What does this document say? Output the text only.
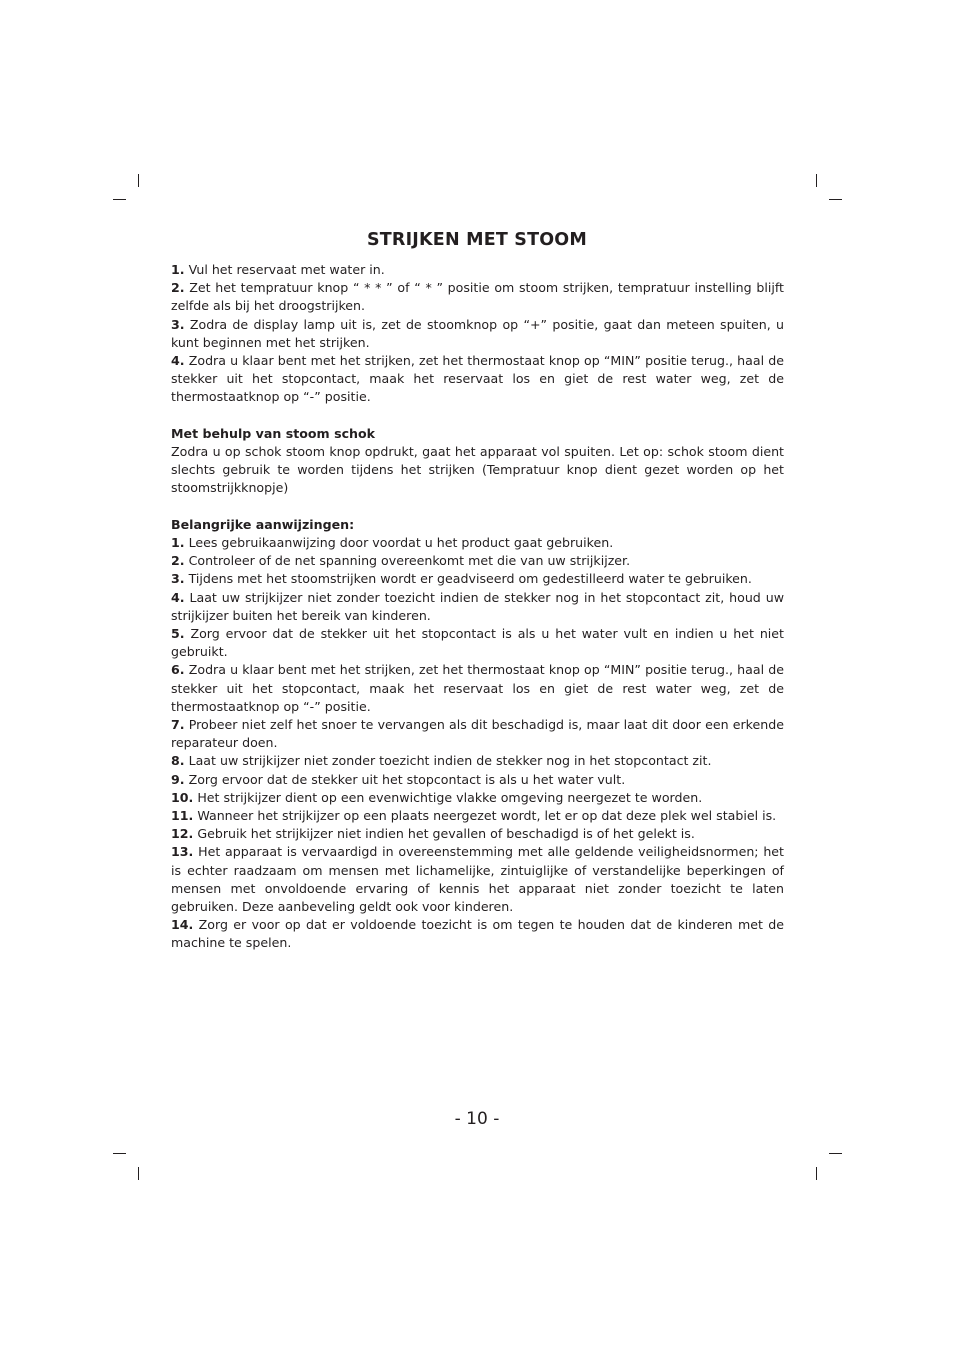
STRIJKEN MET STOOM

1. Vul het reservaat met water in.

2. Zet het tempratuur knop “ * * ” of “ * ” positie om stoom strijken, tempratuur instelling blijft zelfde als bij het droogstrijken.

3. Zodra de display lamp uit is, zet de stoomknop op “+” positie, gaat dan meteen spuiten, u kunt beginnen met het strijken.

4. Zodra u klaar bent met het strijken, zet het thermostaat knop op “MIN” positie terug., haal de stekker uit het stopcontact, maak het reservaat los en giet de rest water weg, zet de thermostaatknop op “-” positie.

Met behulp van stoom schok

Zodra u op schok stoom knop opdrukt, gaat het apparaat vol spuiten. Let op: schok stoom dient slechts gebruik te worden tijdens het strijken (Tempratuur knop dient gezet worden op het stoomstrijkknopje)

Belangrijke aanwijzingen:

1. Lees gebruikaanwijzing door voordat u het product gaat gebruiken.

2. Controleer of de net spanning overeenkomt met die van uw strijkijzer.

3. Tijdens met het stoomstrijken wordt er geadviseerd om gedestilleerd water te gebruiken.

4. Laat uw strijkijzer niet zonder toezicht indien de stekker nog in het stopcontact zit, houd uw strijkijzer buiten het bereik van kinderen.

5. Zorg ervoor dat de stekker uit het stopcontact is als u het water vult en indien u het niet gebruikt.

6. Zodra u klaar bent met het strijken, zet het thermostaat knop op “MIN” positie terug., haal de stekker uit het stopcontact, maak het reservaat los en giet de rest water weg, zet de thermostaatknop op “-” positie.

7. Probeer niet zelf het snoer te vervangen als dit beschadigd is, maar laat dit door een erkende reparateur doen.

8. Laat uw strijkijzer niet zonder toezicht indien de stekker nog in het stopcontact zit.

9. Zorg ervoor dat de stekker uit het stopcontact is als u het water vult.

10. Het strijkijzer dient op een evenwichtige vlakke omgeving neergezet te worden.

11. Wanneer het strijkijzer op een plaats neergezet wordt, let er op dat deze plek wel stabiel is.

12. Gebruik het strijkijzer niet indien het gevallen of beschadigd is of het gelekt is.

13. Het apparaat is vervaardigd in overeenstemming met alle geldende veiligheidsnormen; het is echter raadzaam om mensen met lichamelijke, zintuiglijke of verstandelijke beperkingen of mensen met onvoldoende ervaring of kennis het apparaat niet zonder toezicht te laten gebruiken. Deze aanbeveling geldt ook voor kinderen.

14. Zorg er voor op dat er voldoende toezicht is om tegen te houden dat de kinderen met de machine te spelen.

- 10 -
